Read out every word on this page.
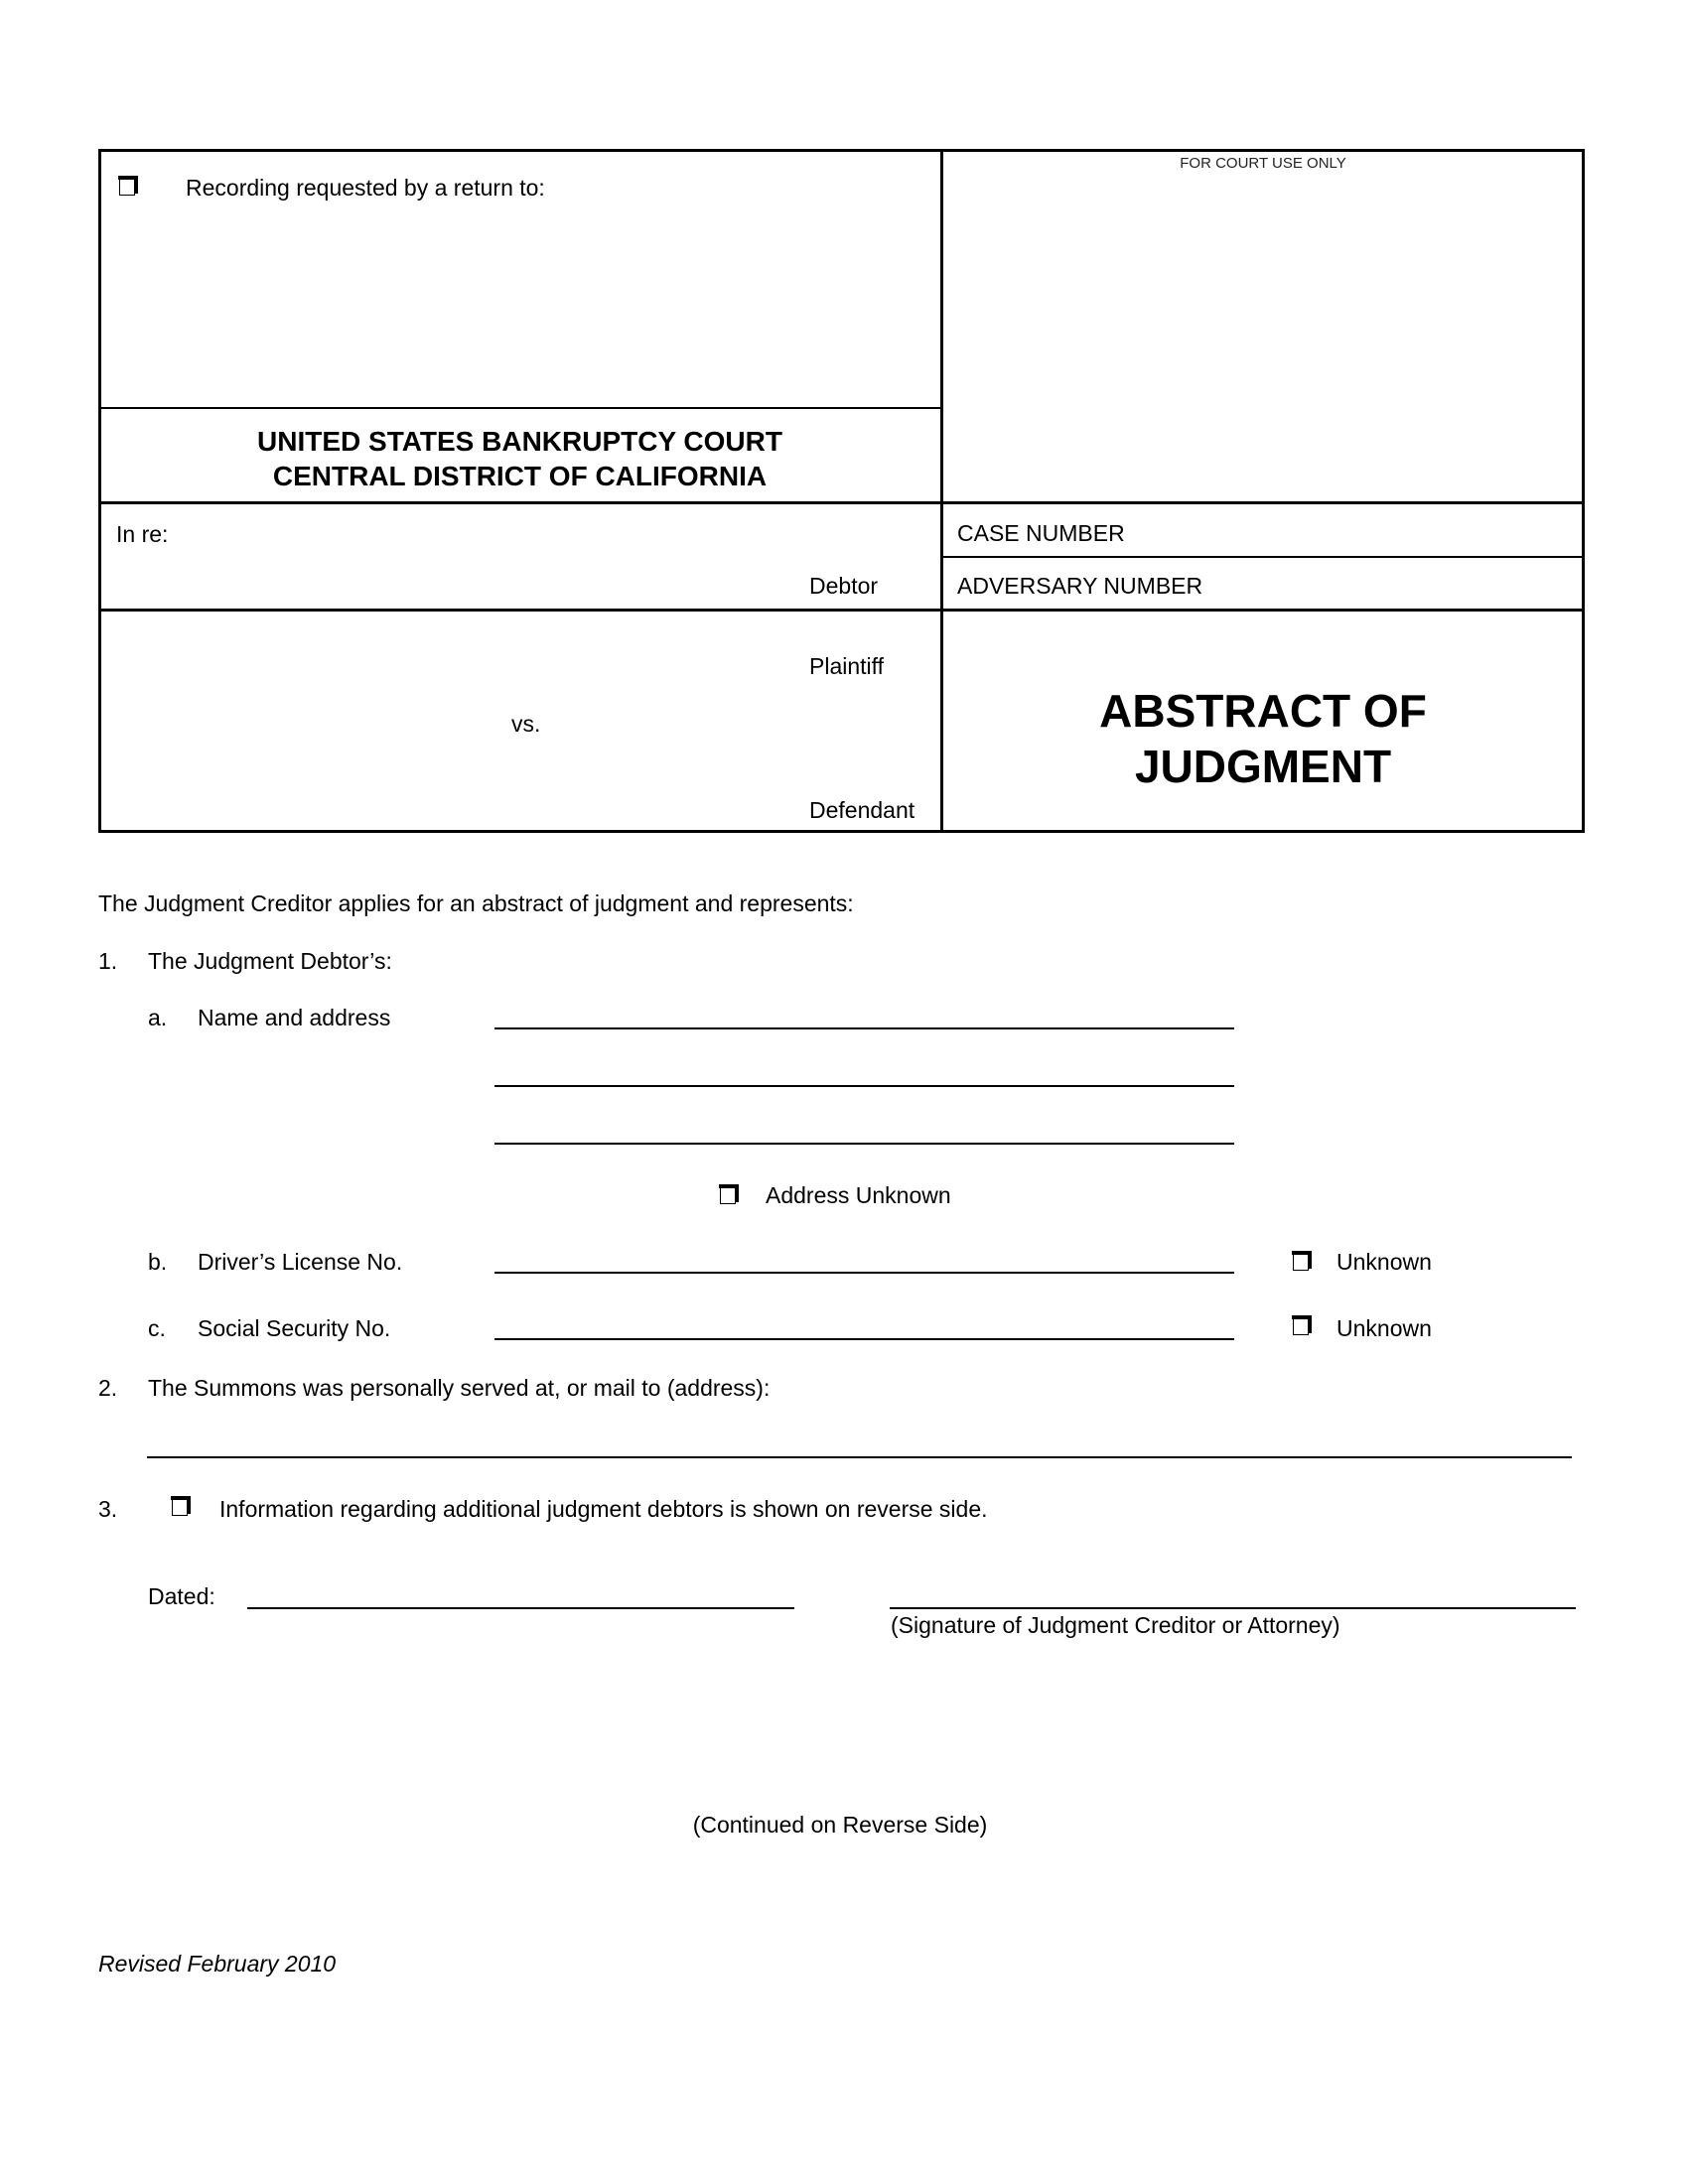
Recording requested by a return to:
FOR COURT USE ONLY
UNITED STATES BANKRUPTCY COURT
CENTRAL DISTRICT OF CALIFORNIA
In re:
Debtor
CASE NUMBER
ADVERSARY NUMBER
Plaintiff
vs.
Defendant
ABSTRACT OF
JUDGMENT
The Judgment Creditor applies for an abstract of judgment and represents:
1. The Judgment Debtor’s:
a. Name and address
Address Unknown
b. Driver’s License No.	Unknown
c. Social Security No.	Unknown
2. The Summons was personally served at, or mail to (address):
3.	Information regarding additional judgment debtors is shown on reverse side.
Dated:
(Signature of Judgment Creditor or Attorney)
(Continued on Reverse Side)
Revised February 2010
